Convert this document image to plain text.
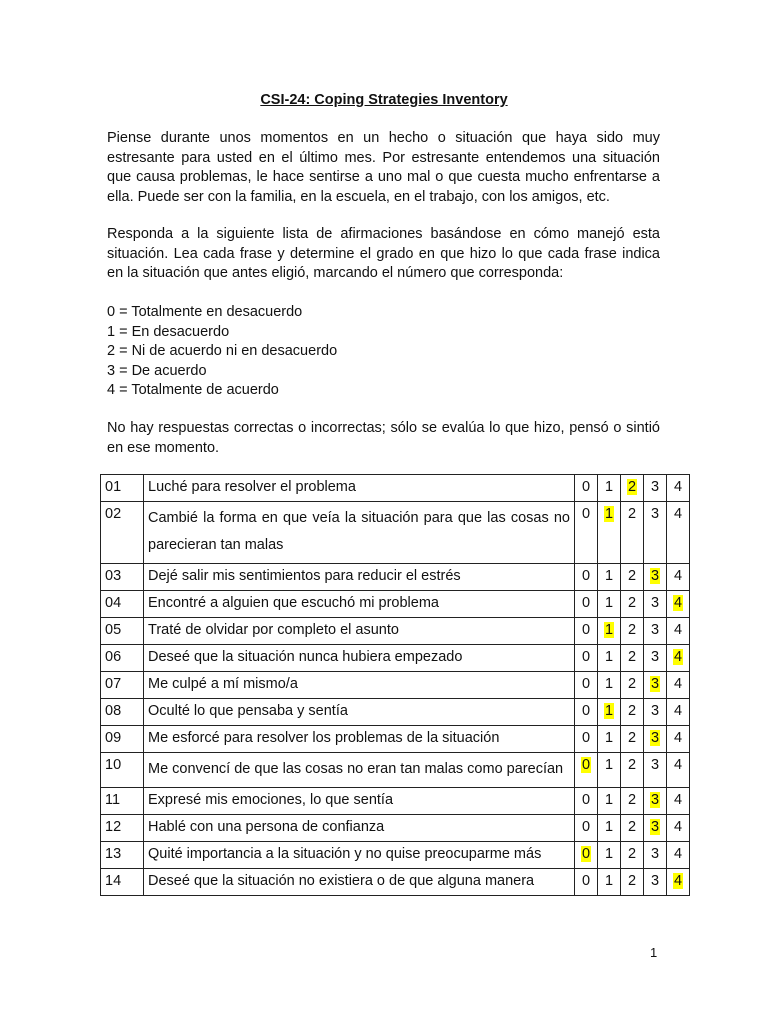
CSI-24: Coping Strategies Inventory

Piense durante unos momentos en un hecho o situación que haya sido muy estresante para usted en el último mes. Por estresante entendemos una situación que causa problemas, le hace sentirse a uno mal o que cuesta mucho enfrentarse a ella. Puede ser con la familia, en la escuela, en el trabajo, con los amigos, etc.

Responda a la siguiente lista de afirmaciones basándose en cómo manejó esta situación. Lea cada frase y determine el grado en que hizo lo que cada frase indica en la situación que antes eligió, marcando el número que corresponda:

0 = Totalmente en desacuerdo
1 = En desacuerdo
2 = Ni de acuerdo ni en desacuerdo
3 = De acuerdo
4 = Totalmente de acuerdo

No hay respuestas correctas o incorrectas; sólo se evalúa lo que hizo, pensó o sintió en ese momento.

01	Luché para resolver el problema	0	1	2	3	4
02	Cambié la forma en que veía la situación para que las cosas no parecieran tan malas	0	1	2	3	4
03	Dejé salir mis sentimientos para reducir el estrés	0	1	2	3	4
04	Encontré a alguien que escuchó mi problema	0	1	2	3	4
05	Traté de olvidar por completo el asunto	0	1	2	3	4
06	Deseé que la situación nunca hubiera empezado	0	1	2	3	4
07	Me culpé a mí mismo/a	0	1	2	3	4
08	Oculté lo que pensaba y sentía	0	1	2	3	4
09	Me esforcé para resolver los problemas de la situación	0	1	2	3	4
10	Me convencí de que las cosas no eran tan malas como parecían	0	1	2	3	4
11	Expresé mis emociones, lo que sentía	0	1	2	3	4
12	Hablé con una persona de confianza	0	1	2	3	4
13	Quité importancia a la situación y no quise preocuparme más	0	1	2	3	4
14	Deseé que la situación no existiera o de que alguna manera	0	1	2	3	4
1
